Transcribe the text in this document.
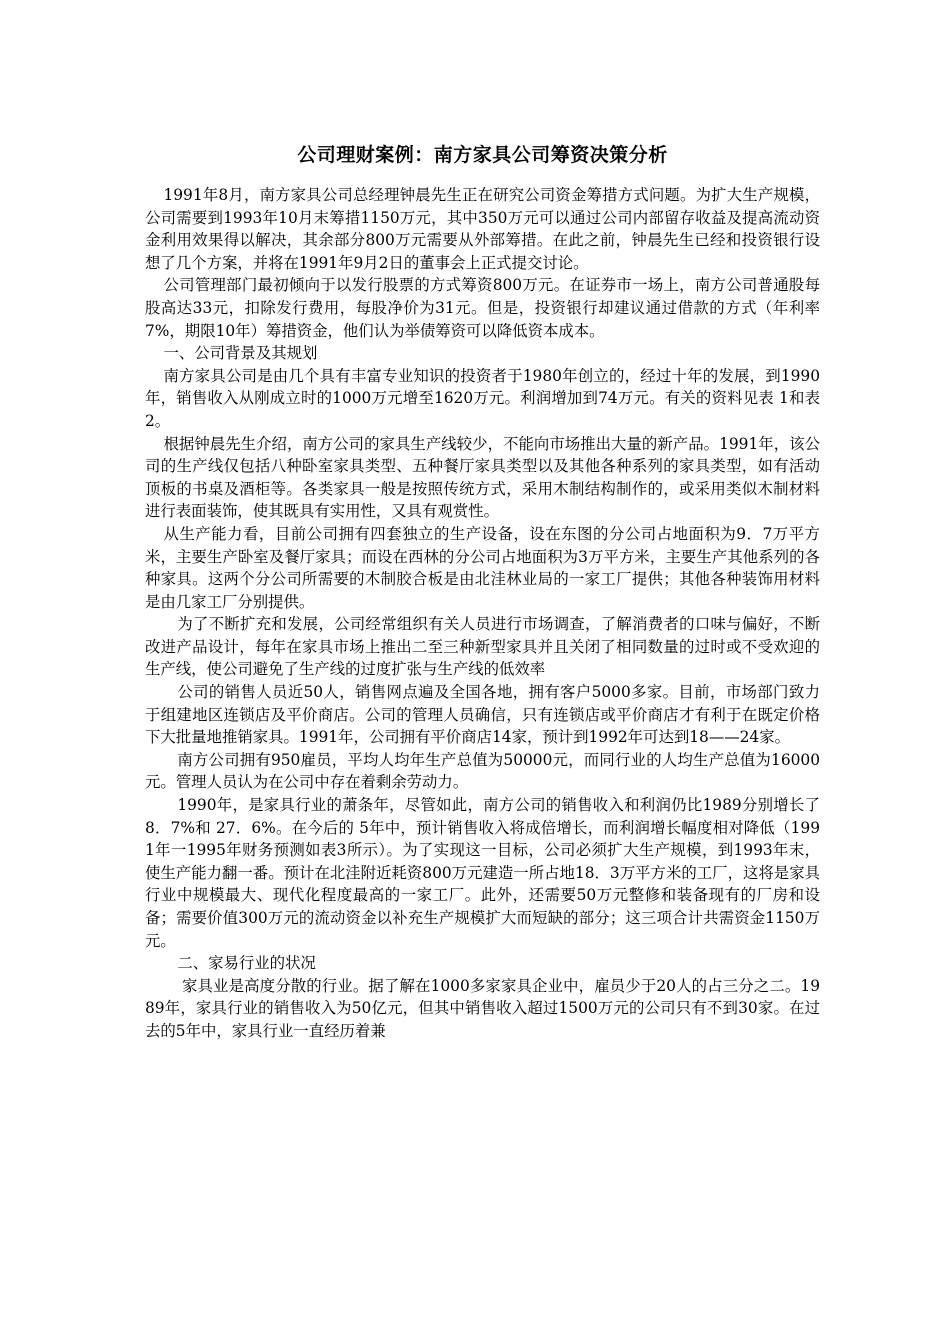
公司理财案例：南方家具公司筹资决策分析

1991年8月，南方家具公司总经理钟晨先生正在研究公司资金筹措方式问题。为扩大生产规模，公司需要到1993年10月末筹措1150万元，其中350万元可以通过公司内部留存收益及提高流动资金利用效果得以解决，其余部分800万元需要从外部筹措。在此之前，钟晨先生已经和投资银行设想了几个方案，并将在1991年9月2日的董事会上正式提交讨论。

公司管理部门最初倾向于以发行股票的方式筹资800万元。在证券市一场上，南方公司普通股每股高达33元，扣除发行费用，每股净价为31元。但是，投资银行却建议通过借款的方式（年利率7%，期限10年）筹措资金，他们认为举债筹资可以降低资本成本。

一、公司背景及其规划

南方家具公司是由几个具有丰富专业知识的投资者于1980年创立的，经过十年的发展，到1990年，销售收入从刚成立时的1000万元增至1620万元。利润增加到74万元。有关的资料见表 1和表2。

根据钟晨先生介绍，南方公司的家具生产线较少，不能向市场推出大量的新产品。1991年，该公司的生产线仅包括八种卧室家具类型、五种餐厅家具类型以及其他各种系列的家具类型，如有活动顶板的书桌及酒柜等。各类家具一般是按照传统方式，采用木制结构制作的，或采用类似木制材料进行表面装饰，使其既具有实用性，又具有观赏性。

从生产能力看，目前公司拥有四套独立的生产设备，设在东图的分公司占地面积为9．7万平方米，主要生产卧室及餐厅家具；而设在西林的分公司占地面积为3万平方米，主要生产其他系列的各种家具。这两个分公司所需要的木制胶合板是由北洼林业局的一家工厂提供；其他各种装饰用材料是由几家工厂分别提供。

为了不断扩充和发展，公司经常组织有关人员进行市场调查，了解消费者的口味与偏好，不断改进产品设计，每年在家具市场上推出二至三种新型家具并且关闭了相同数量的过时或不受欢迎的生产线，使公司避免了生产线的过度扩张与生产线的低效率

公司的销售人员近50人，销售网点遍及全国各地，拥有客户5000多家。目前，市场部门致力于组建地区连锁店及平价商店。公司的管理人员确信，只有连锁店或平价商店才有利于在既定价格下大批量地推销家具。1991年，公司拥有平价商店14家，预计到1992年可达到18——24家。

南方公司拥有950雇员，平均人均年生产总值为50000元，而同行业的人均生产总值为16000元。管理人员认为在公司中存在着剩余劳动力。

1990年，是家具行业的萧条年，尽管如此，南方公司的销售收入和利润仍比1989分别增长了 8．7%和 27．6%。在今后的 5年中，预计销售收入将成倍增长，而利润增长幅度相对降低（1991年一1995年财务预测如表3所示）。为了实现这一目标，公司必须扩大生产规模，到1993年末，使生产能力翻一番。预计在北洼附近耗资800万元建造一所占地18．3万平方米的工厂，这将是家具行业中规模最大、现代化程度最高的一家工厂。此外，还需要50万元整修和装备现有的厂房和设备；需要价值300万元的流动资金以补充生产规模扩大而短缺的部分；这三项合计共需资金1150万元。

二、家易行业的状况

家具业是高度分散的行业。据了解在1000多家家具企业中，雇员少于20人的占三分之二。1989年，家具行业的销售收入为50亿元，但其中销售收入超过1500万元的公司只有不到30家。在过去的5年中，家具行业一直经历着兼
